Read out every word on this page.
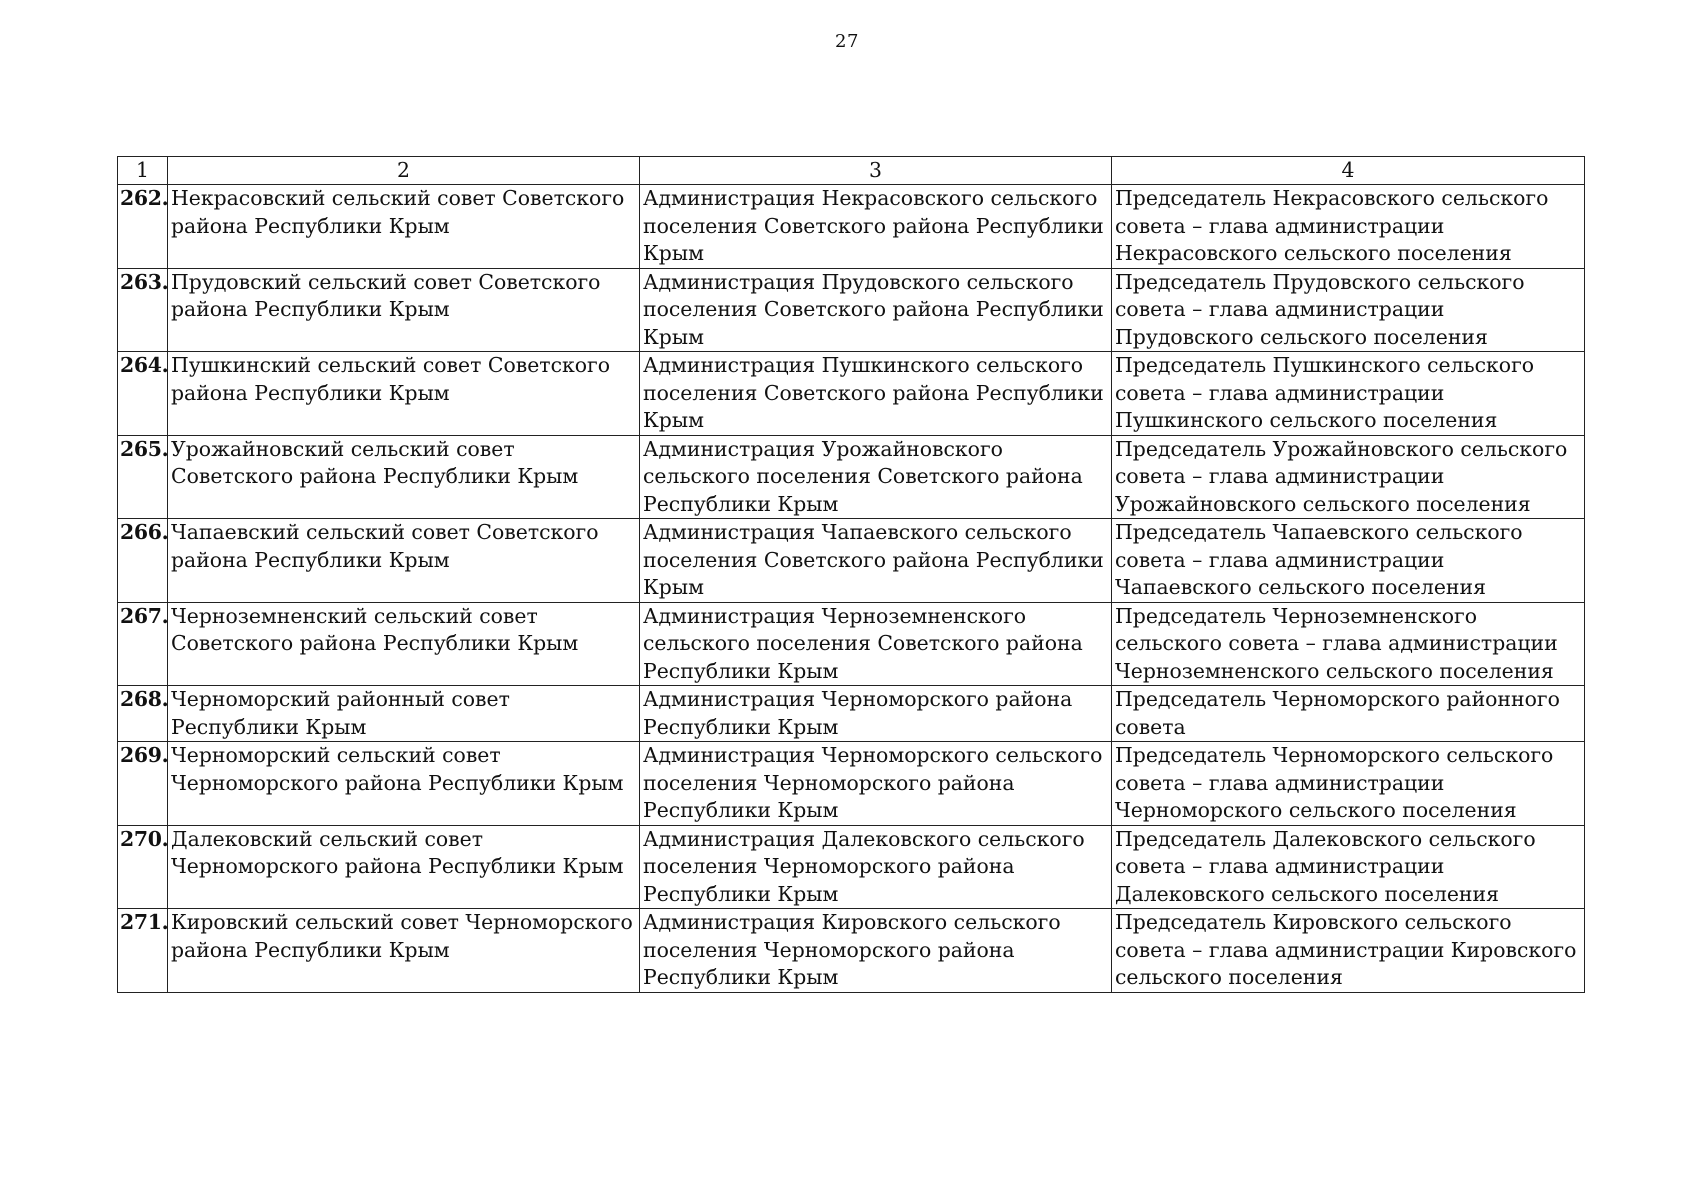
27
1	2	3	4
262.	Некрасовский сельский совет Советского района Республики Крым	Администрация Некрасовского сельского поселения Советского района Республики Крым	Председатель Некрасовского сельского совета – глава администрации Некрасовского сельского поселения
263.	Прудовский сельский совет Советского района Республики Крым	Администрация Прудовского сельского поселения Советского района Республики Крым	Председатель Прудовского сельского совета – глава администрации Прудовского сельского поселения
264.	Пушкинский сельский совет Советского района Республики Крым	Администрация Пушкинского сельского поселения Советского района Республики Крым	Председатель Пушкинского сельского совета – глава администрации Пушкинского сельского поселения
265.	Урожайновский сельский совет Советского района Республики Крым	Администрация Урожайновского сельского поселения Советского района Республики Крым	Председатель Урожайновского сельского совета – глава администрации Урожайновского сельского поселения
266.	Чапаевский сельский совет Советского района Республики Крым	Администрация Чапаевского сельского поселения Советского района Республики Крым	Председатель Чапаевского сельского совета – глава администрации Чапаевского сельского поселения
267.	Черноземненский сельский совет Советского района Республики Крым	Администрация Черноземненского сельского поселения Советского района Республики Крым	Председатель Черноземненского сельского совета – глава администрации Черноземненского сельского поселения
268.	Черноморский районный совет Республики Крым	Администрация Черноморского района Республики Крым	Председатель Черноморского районного совета
269.	Черноморский сельский совет Черноморского района Республики Крым	Администрация Черноморского сельского поселения Черноморского района Республики Крым	Председатель Черноморского сельского совета – глава администрации Черноморского сельского поселения
270.	Далековский сельский совет Черноморского района Республики Крым	Администрация Далековского сельского поселения Черноморского района Республики Крым	Председатель Далековского сельского совета – глава администрации Далековского сельского поселения
271.	Кировский сельский совет Черноморского района Республики Крым	Администрация Кировского сельского поселения Черноморского района Республики Крым	Председатель Кировского сельского совета – глава администрации Кировского сельского поселения
